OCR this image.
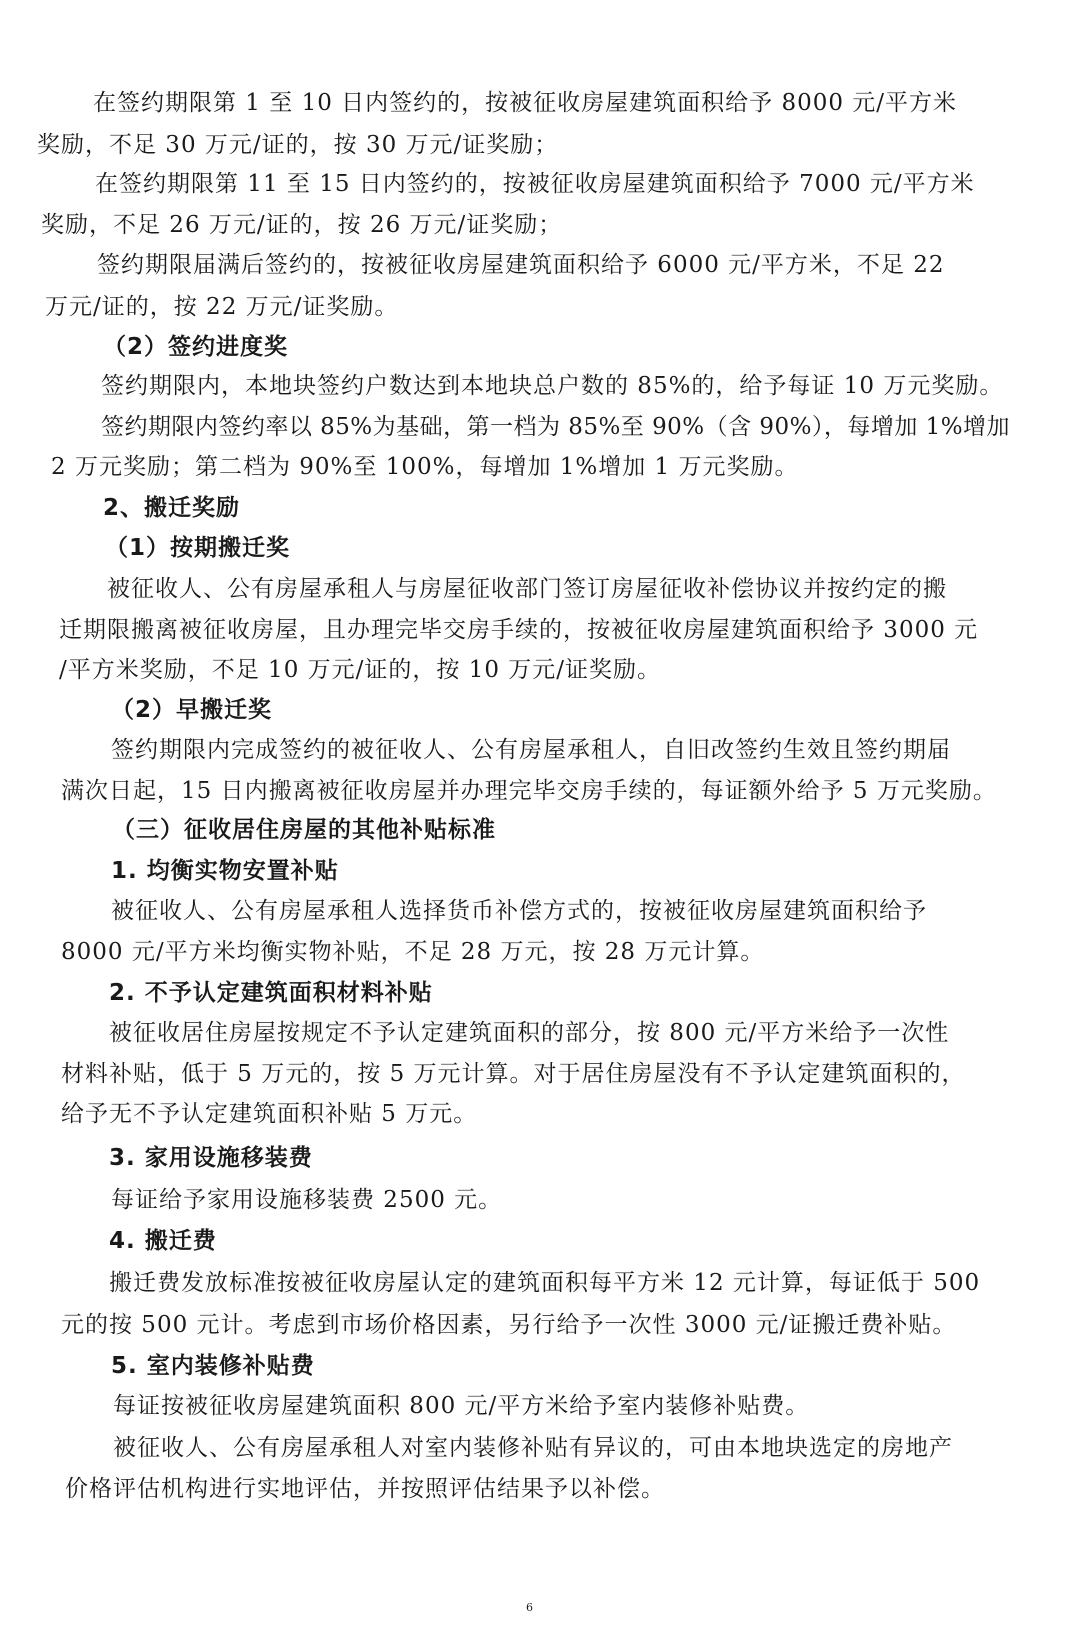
在签约期限第 1 至 10 日内签约的，按被征收房屋建筑面积给予 8000 元/平方米
奖励，不足 30 万元/证的，按 30 万元/证奖励；
在签约期限第 11 至 15 日内签约的，按被征收房屋建筑面积给予 7000 元/平方米
奖励，不足 26 万元/证的，按 26 万元/证奖励；
签约期限届满后签约的，按被征收房屋建筑面积给予 6000 元/平方米，不足 22
万元/证的，按 22 万元/证奖励。
（2）签约进度奖
签约期限内，本地块签约户数达到本地块总户数的 85%的，给予每证 10 万元奖励。
签约期限内签约率以 85%为基础，第一档为 85%至 90%（含 90%），每增加 1%增加
2 万元奖励；第二档为 90%至 100%，每增加 1%增加 1 万元奖励。
2、搬迁奖励
（1）按期搬迁奖
被征收人、公有房屋承租人与房屋征收部门签订房屋征收补偿协议并按约定的搬
迁期限搬离被征收房屋，且办理完毕交房手续的，按被征收房屋建筑面积给予 3000 元
/平方米奖励，不足 10 万元/证的，按 10 万元/证奖励。
（2）早搬迁奖
签约期限内完成签约的被征收人、公有房屋承租人，自旧改签约生效且签约期届
满次日起，15 日内搬离被征收房屋并办理完毕交房手续的，每证额外给予 5 万元奖励。
（三）征收居住房屋的其他补贴标准
1. 均衡实物安置补贴
被征收人、公有房屋承租人选择货币补偿方式的，按被征收房屋建筑面积给予
8000 元/平方米均衡实物补贴，不足 28 万元，按 28 万元计算。
2. 不予认定建筑面积材料补贴
被征收居住房屋按规定不予认定建筑面积的部分，按 800 元/平方米给予一次性
材料补贴，低于 5 万元的，按 5 万元计算。对于居住房屋没有不予认定建筑面积的，
给予无不予认定建筑面积补贴 5 万元。
3. 家用设施移装费
每证给予家用设施移装费 2500 元。
4. 搬迁费
搬迁费发放标准按被征收房屋认定的建筑面积每平方米 12 元计算，每证低于 500
元的按 500 元计。考虑到市场价格因素，另行给予一次性 3000 元/证搬迁费补贴。
5. 室内装修补贴费
每证按被征收房屋建筑面积 800 元/平方米给予室内装修补贴费。
被征收人、公有房屋承租人对室内装修补贴有异议的，可由本地块选定的房地产
价格评估机构进行实地评估，并按照评估结果予以补偿。
6
